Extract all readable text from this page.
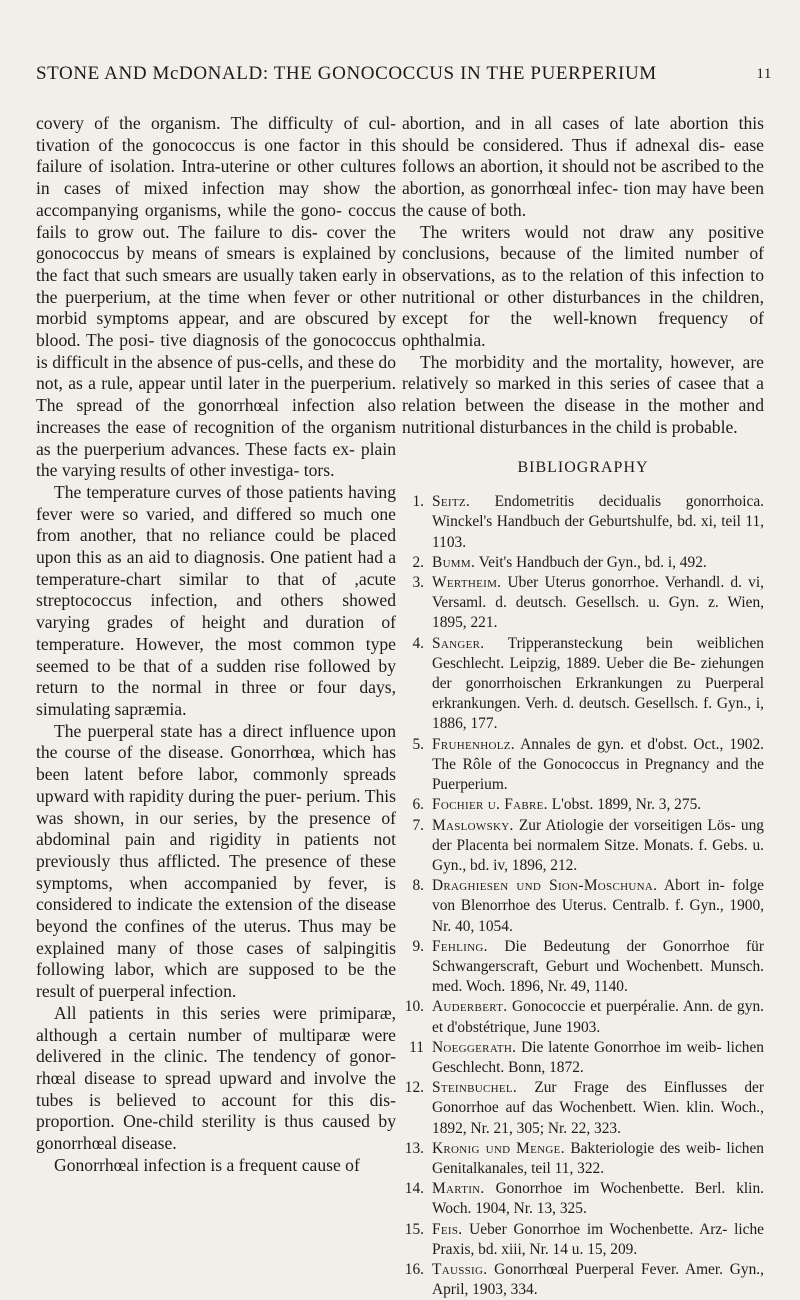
STONE AND McDONALD: THE GONOCOCCUS IN THE PUERPERIUM	11

covery of the organism. The difficulty of cul- tivation of the gonococcus is one factor in this failure of isolation. Intra-uterine or other cultures in cases of mixed infection may show the accompanying organisms, while the gono- coccus fails to grow out. The failure to dis- cover the gonococcus by means of smears is explained by the fact that such smears are usually taken early in the puerperium, at the time when fever or other morbid symptoms appear, and are obscured by blood. The posi- tive diagnosis of the gonococcus is difficult in the absence of pus-cells, and these do not, as a rule, appear until later in the puerperium. The spread of the gonorrhœal infection also increases the ease of recognition of the organism as the puerperium advances. These facts ex- plain the varying results of other investiga- tors.

The temperature curves of those patients having fever were so varied, and differed so much one from another, that no reliance could be placed upon this as an aid to diagnosis. One patient had a temperature-chart similar to that of ,acute streptococcus infection, and others showed varying grades of height and duration of temperature. However, the most common type seemed to be that of a sudden rise followed by return to the normal in three or four days, simulating sapræmia.

The puerperal state has a direct influence upon the course of the disease. Gonorrhœa, which has been latent before labor, commonly spreads upward with rapidity during the puer- perium. This was shown, in our series, by the presence of abdominal pain and rigidity in patients not previously thus afflicted. The presence of these symptoms, when accompanied by fever, is considered to indicate the extension of the disease beyond the confines of the uterus. Thus may be explained many of those cases of salpingitis following labor, which are supposed to be the result of puerperal infection.

All patients in this series were primiparæ, although a certain number of multiparæ were delivered in the clinic. The tendency of gonor- rhœal disease to spread upward and involve the tubes is believed to account for this dis- proportion. One-child sterility is thus caused by gonorrhœal disease.

Gonorrhœal infection is a frequent cause of

abortion, and in all cases of late abortion this should be considered. Thus if adnexal dis- ease follows an abortion, it should not be ascribed to the abortion, as gonorrhœal infec- tion may have been the cause of both.

The writers would not draw any positive conclusions, because of the limited number of observations, as to the relation of this infection to nutritional or other disturbances in the children, except for the well-known frequency of ophthalmia.

The morbidity and the mortality, however, are relatively so marked in this series of casee that a relation between the disease in the mother and nutritional disturbances in the child is probable.

BIBLIOGRAPHY
1. Seitz. Endometritis decidualis gonorrhoica. Winckel's Handbuch der Geburtshulfe, bd. xi, teil 11, 1103.
2. Bumm. Veit's Handbuch der Gyn., bd. i, 492.
3. Wertheim. Uber Uterus gonorrhoe. Verhandl. d. vi, Versaml. d. deutsch. Gesellsch. u. Gyn. z. Wien, 1895, 221.
4. Sanger. Tripperansteckung bein weiblichen Geschlecht. Leipzig, 1889. Ueber die Be- ziehungen der gonorrhoischen Erkrankungen zu Puerperal erkrankungen. Verh. d. deutsch. Gesellsch. f. Gyn., i, 1886, 177.
5. Fruhenholz. Annales de gyn. et d'obst. Oct., 1902. The Rôle of the Gonococcus in Pregnancy and the Puerperium.
6. Fochier u. Fabre. L'obst. 1899, Nr. 3, 275.
7. Maslowsky. Zur Atiologie der vorseitigen Lös- ung der Placenta bei normalem Sitze. Monats. f. Gebs. u. Gyn., bd. iv, 1896, 212.
8. Draghiesen und Sion-Moschuna. Abort in- folge von Blenorrhoe des Uterus. Centralb. f. Gyn., 1900, Nr. 40, 1054.
9. Fehling. Die Bedeutung der Gonorrhoe für Schwangerscraft, Geburt und Wochenbett. Munsch. med. Woch. 1896, Nr. 49, 1140.
10. Auderbert. Gonococcie et puerpéralie. Ann. de gyn. et d'obstétrique, June 1903.
11 Noeggerath. Die latente Gonorrhoe im weib- lichen Geschlecht. Bonn, 1872.
12. Steinbuchel. Zur Frage des Einflusses der Gonorrhoe auf das Wochenbett. Wien. klin. Woch., 1892, Nr. 21, 305; Nr. 22, 323.
13. Kronig und Menge. Bakteriologie des weib- lichen Genitalkanales, teil 11, 322.
14. Martin. Gonorrhoe im Wochenbette. Berl. klin. Woch. 1904, Nr. 13, 325.
15. Feis. Ueber Gonorrhoe im Wochenbette. Arz- liche Praxis, bd. xiii, Nr. 14 u. 15, 209.
16. Taussig. Gonorrhœal Puerperal Fever. Amer. Gyn., April, 1903, 334.
